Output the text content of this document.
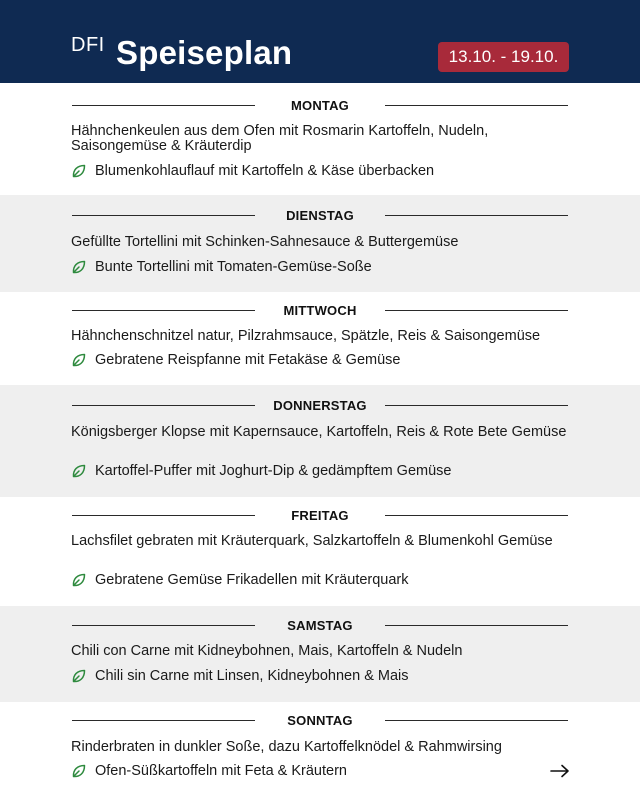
DFI Speiseplan	13.10. - 19.10.
MONTAG
Hähnchenkeulen aus dem Ofen mit Rosmarin Kartoffeln, Nudeln, Saisongemüse & Kräuterdip
Blumenkohlauflauf mit Kartoffeln & Käse überbacken
DIENSTAG
Gefüllte Tortellini mit Schinken-Sahnesauce & Buttergemüse
Bunte Tortellini mit Tomaten-Gemüse-Soße
MITTWOCH
Hähnchenschnitzel natur, Pilzrahmsauce, Spätzle, Reis & Saisongemüse
Gebratene Reispfanne mit Fetakäse & Gemüse
DONNERSTAG
Königsberger Klopse mit Kapernsauce, Kartoffeln, Reis & Rote Bete Gemüse
Kartoffel-Puffer mit Joghurt-Dip & gedämpftem Gemüse
FREITAG
Lachsfilet gebraten mit Kräuterquark, Salzkartoffeln & Blumenkohl Gemüse
Gebratene Gemüse Frikadellen mit Kräuterquark
SAMSTAG
Chili con Carne mit Kidneybohnen, Mais, Kartoffeln & Nudeln
Chili sin Carne mit Linsen, Kidneybohnen & Mais
SONNTAG
Rinderbraten in dunkler Soße, dazu Kartoffelknödel & Rahmwirsing
Ofen-Süßkartoffeln mit Feta & Kräutern
